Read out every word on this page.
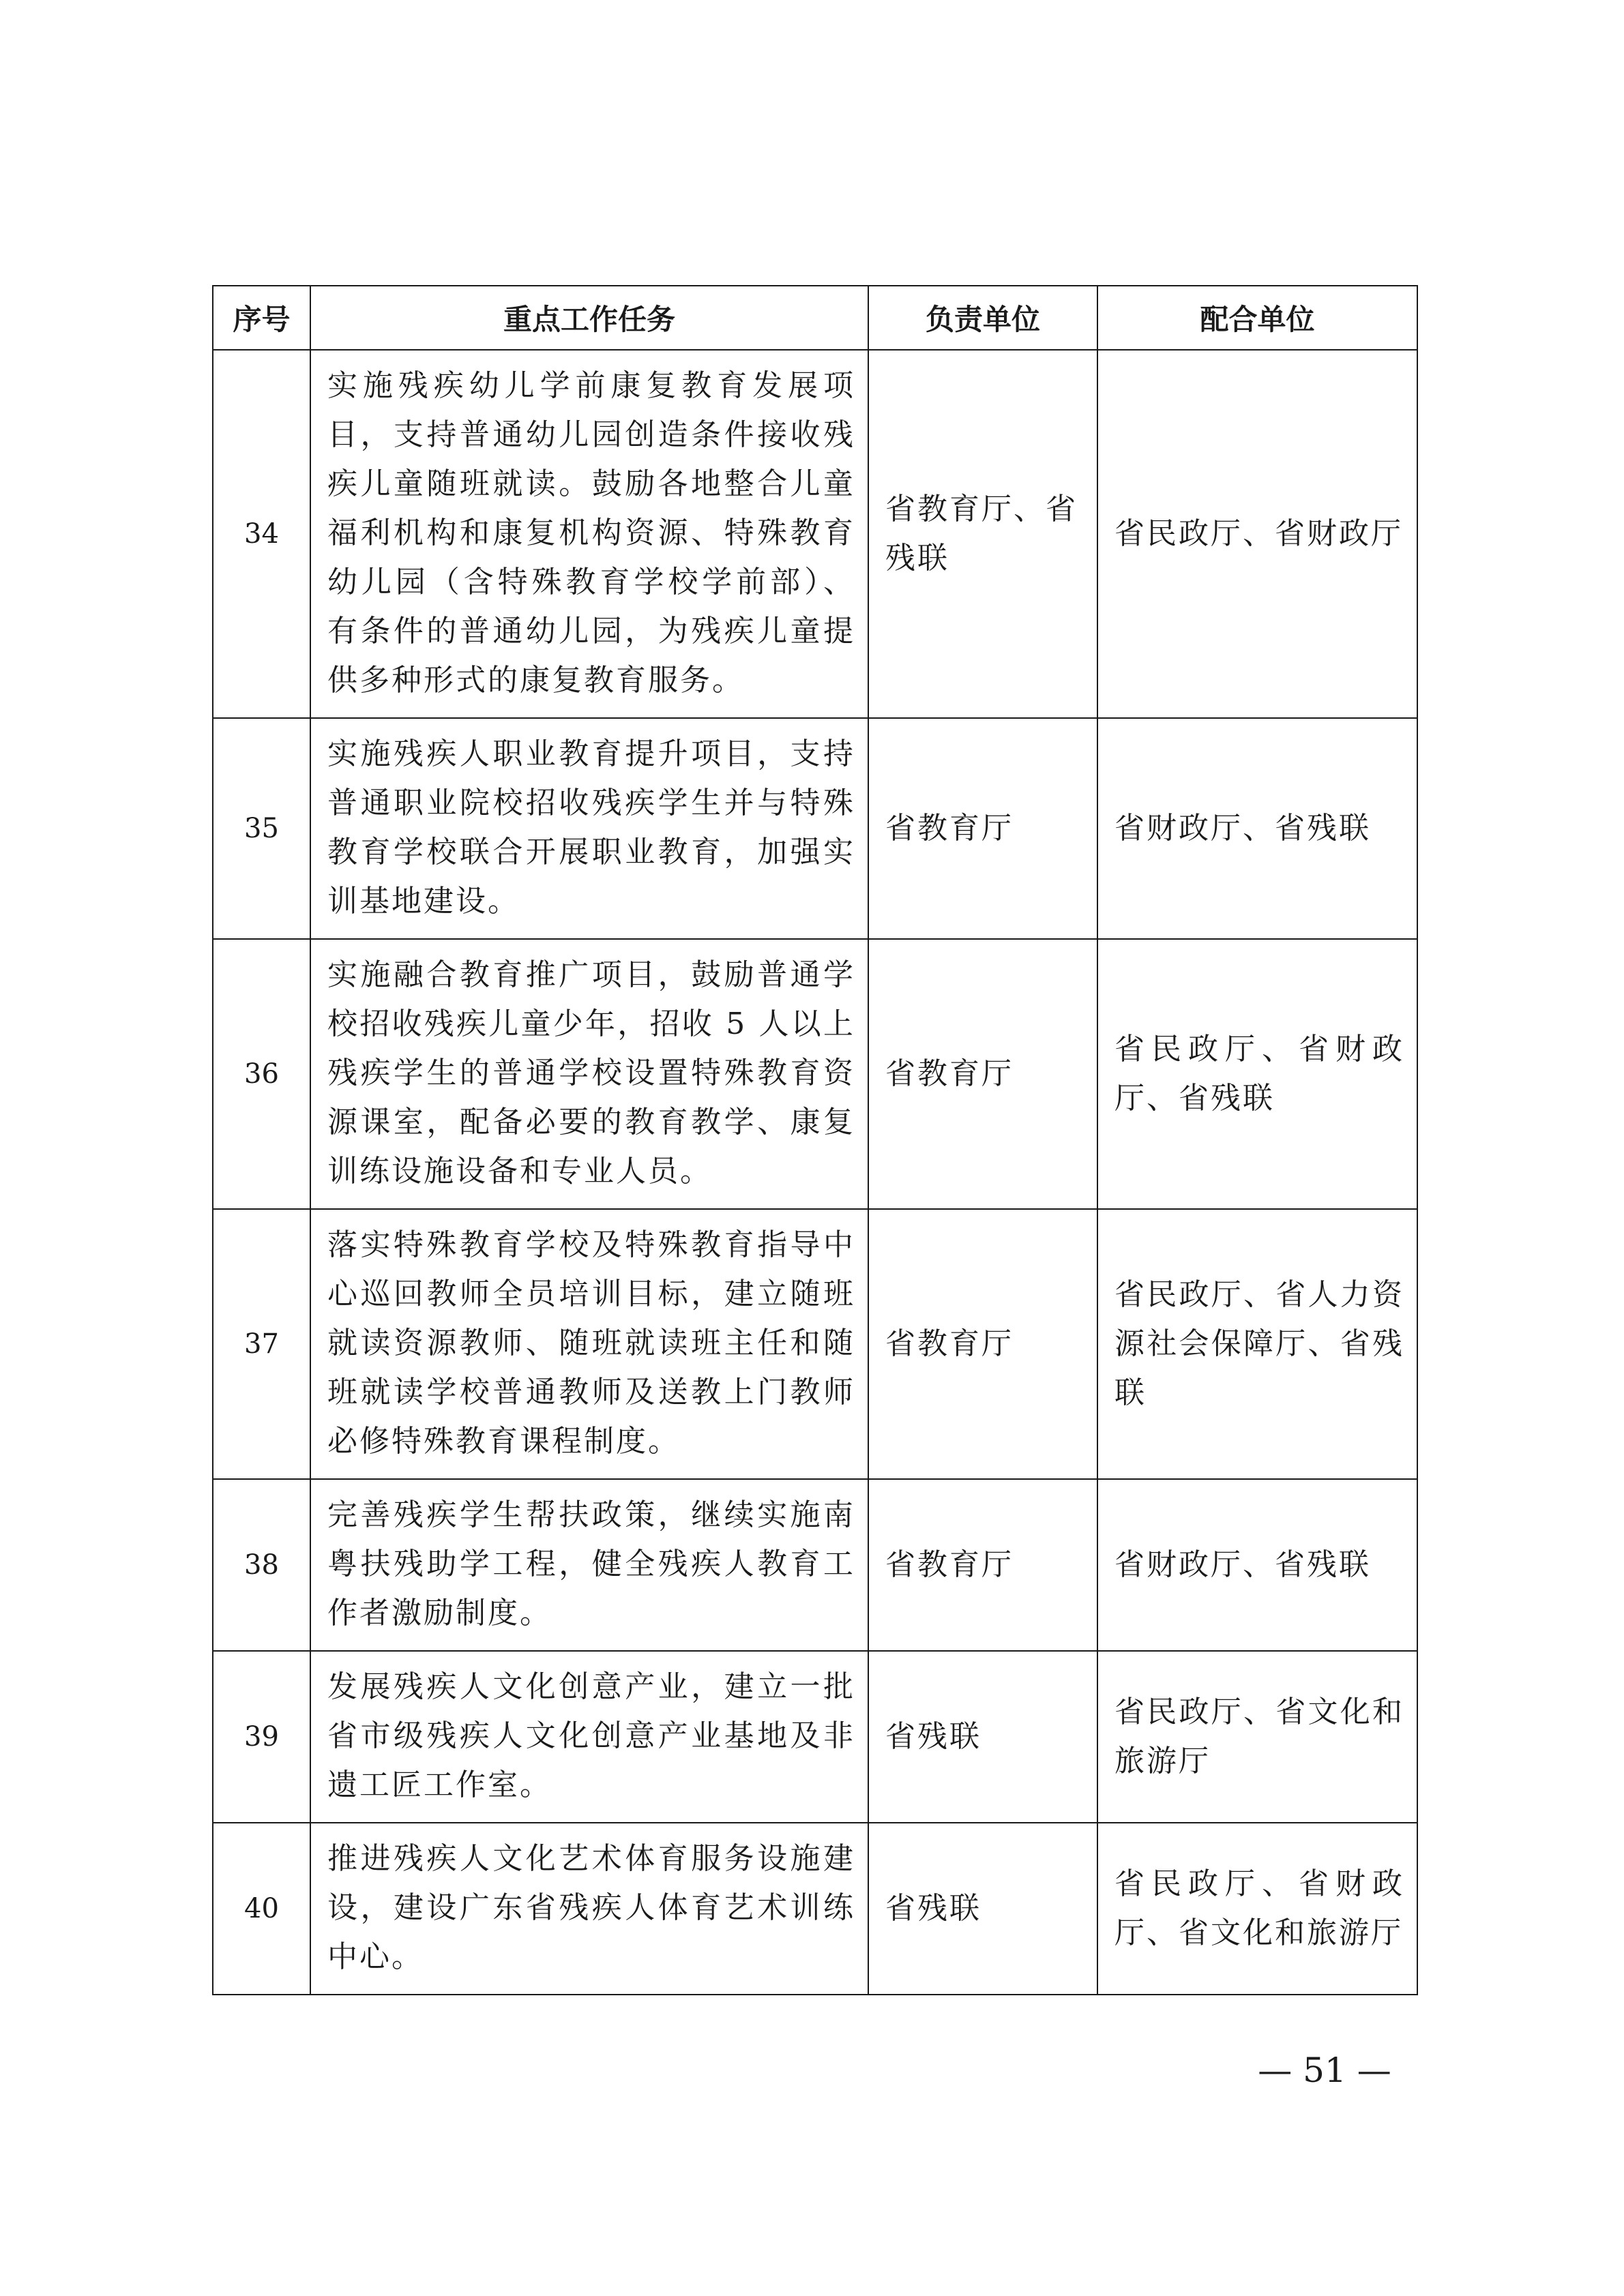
序号	重点工作任务	负责单位	配合单位
34	实施残疾幼儿学前康复教育发展项目，支持普通幼儿园创造条件接收残疾儿童随班就读。鼓励各地整合儿童福利机构和康复机构资源、特殊教育幼儿园（含特殊教育学校学前部）、有条件的普通幼儿园，为残疾儿童提供多种形式的康复教育服务。	省教育厅、省残联	省民政厅、省财政厅
35	实施残疾人职业教育提升项目，支持普通职业院校招收残疾学生并与特殊教育学校联合开展职业教育，加强实训基地建设。	省教育厅	省财政厅、省残联
36	实施融合教育推广项目，鼓励普通学校招收残疾儿童少年，招收 5 人以上残疾学生的普通学校设置特殊教育资源课室，配备必要的教育教学、康复训练设施设备和专业人员。	省教育厅	省民政厅、省财政厅、省残联
37	落实特殊教育学校及特殊教育指导中心巡回教师全员培训目标，建立随班就读资源教师、随班就读班主任和随班就读学校普通教师及送教上门教师必修特殊教育课程制度。	省教育厅	省民政厅、省人力资源社会保障厅、省残联
38	完善残疾学生帮扶政策，继续实施南粤扶残助学工程，健全残疾人教育工作者激励制度。	省教育厅	省财政厅、省残联
39	发展残疾人文化创意产业，建立一批省市级残疾人文化创意产业基地及非遗工匠工作室。	省残联	省民政厅、省文化和旅游厅
40	推进残疾人文化艺术体育服务设施建设，建设广东省残疾人体育艺术训练中心。	省残联	省民政厅、省财政厅、省文化和旅游厅
— 51 —
